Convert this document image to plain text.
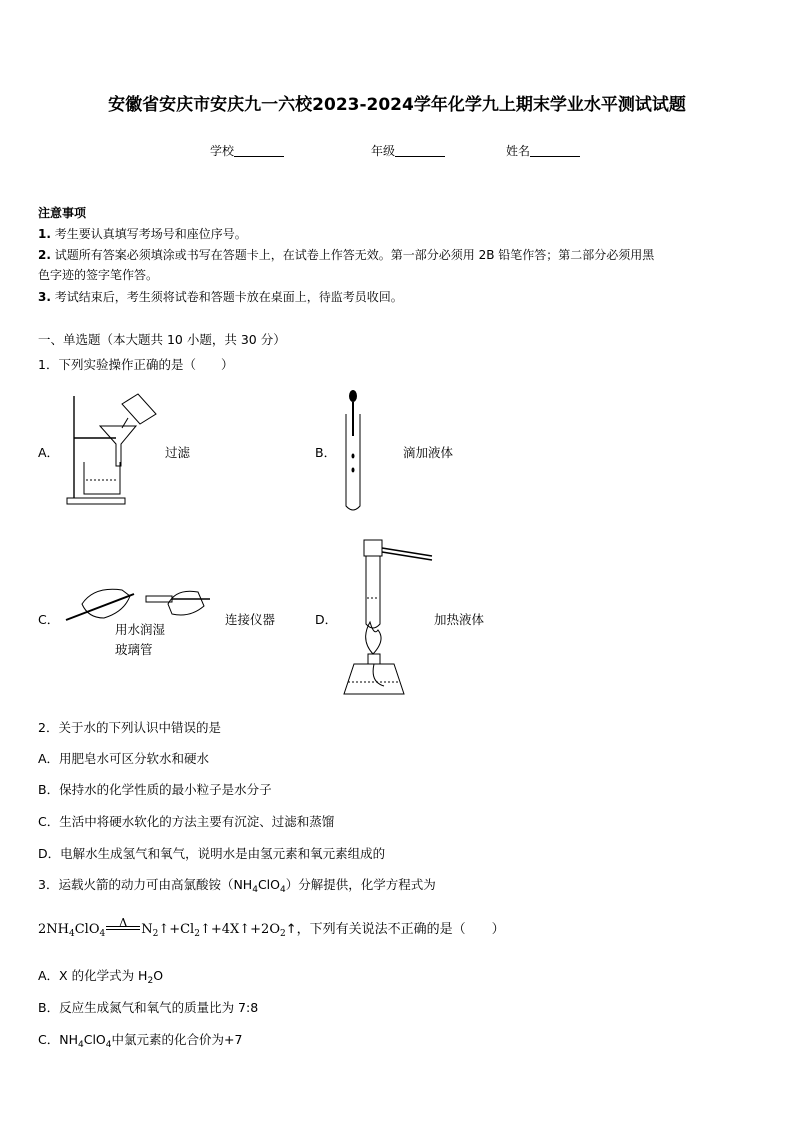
安徽省安庆市安庆九一六校2023-2024学年化学九上期末学业水平测试试题
学校	年级	姓名
注意事项
1. 考生要认真填写考场号和座位序号。
2. 试题所有答案必须填涂或书写在答题卡上，在试卷上作答无效。第一部分必须用 2B 铅笔作答；第二部分必须用黑
色字迹的签字笔作答。
3. 考试结束后，考生须将试卷和答题卡放在桌面上，待监考员收回。
一、单选题（本大题共 10 小题，共 30 分）
1．下列实验操作正确的是（　　）
A．	过滤	B．	滴加液体
C．
用水润湿
玻璃管
连接仪器	D．	加热液体
2．关于水的下列认识中错误的是
A．用肥皂水可区分软水和硬水
B．保持水的化学性质的最小粒子是水分子
C．生活中将硬水软化的方法主要有沉淀、过滤和蒸馏
D．电解水生成氢气和氧气，说明水是由氢元素和氧元素组成的
3．运载火箭的动力可由高氯酸铵$(NH_4ClO_4)$分解提供，化学方程式为
$2NH_4ClO_4$
Δ	$N_2↑+Cl_2↑+4X↑+2O_2↑$，下列有关说法不正确的是（　　）
A．X 的化学式为 $H_2O$
B．反应生成氮气和氧气的质量比为 7:8
C．$NH_4ClO_4$中氯元素的化合价为+7
